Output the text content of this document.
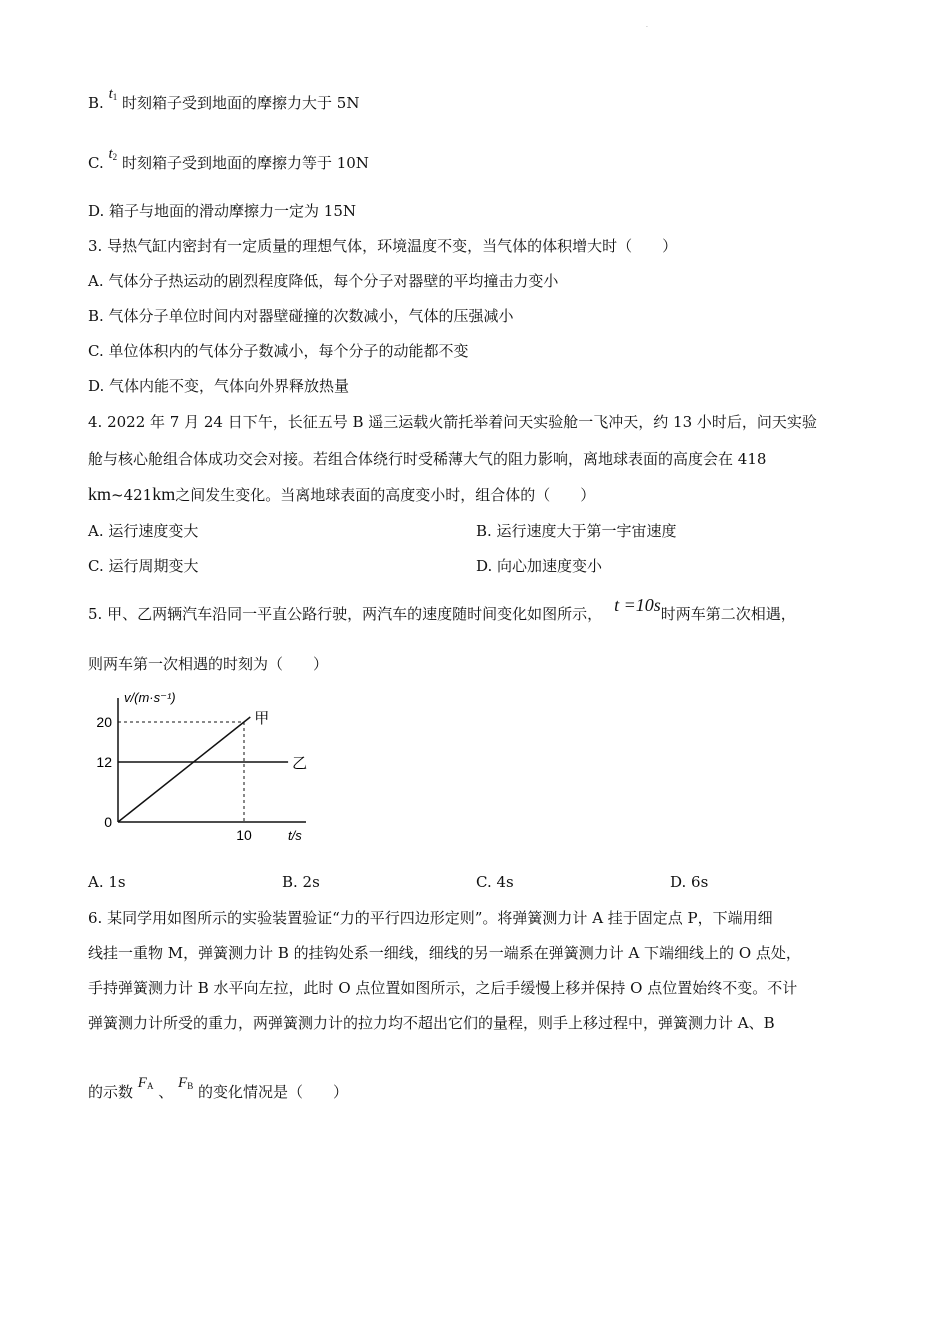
.
B. $t_1$ 时刻箱子受到地面的摩擦力大于 5N
C. $t_2$ 时刻箱子受到地面的摩擦力等于 10N
D. 箱子与地面的滑动摩擦力一定为 15N
3. 导热气缸内密封有一定质量的理想气体，环境温度不变，当气体的体积增大时（　　）
A. 气体分子热运动的剧烈程度降低，每个分子对器壁的平均撞击力变小
B. 气体分子单位时间内对器壁碰撞的次数减小，气体的压强减小
C. 单位体积内的气体分子数减小，每个分子的动能都不变
D. 气体内能不变，气体向外界释放热量
4. 2022 年 7 月 24 日下午，长征五号 B 遥三运载火箭托举着问天实验舱一飞冲天，约 13 小时后，问天实验
舱与核心舱组合体成功交会对接。若组合体绕行时受稀薄大气的阻力影响，离地球表面的高度会在 418
km~421km之间发生变化。当离地球表面的高度变小时，组合体的（　　）
A. 运行速度变大	B. 运行速度大于第一宇宙速度
C. 运行周期变大	D. 向心加速度变小
5. 甲、乙两辆汽车沿同一平直公路行驶，两汽车的速度随时间变化如图所示， t =10s时两车第二次相遇，
则两车第一次相遇的时刻为（　　）
v/(m·s⁻¹)
t/s
0
12
20
10
甲
乙
A. 1s	B. 2s	C. 4s	D. 6s
6. 某同学用如图所示的实验装置验证“力的平行四边形定则”。将弹簧测力计 A 挂于固定点 P，下端用细
线挂一重物 M，弹簧测力计 B 的挂钩处系一细线，细线的另一端系在弹簧测力计 A 下端细线上的 O 点处，
手持弹簧测力计 B 水平向左拉，此时 O 点位置如图所示，之后手缓慢上移并保持 O 点位置始终不变。不计
弹簧测力计所受的重力，两弹簧测力计的拉力均不超出它们的量程，则手上移过程中，弹簧测力计 A、B
的示数 $F_A$ 、 $F_B$ 的变化情况是（　　）
